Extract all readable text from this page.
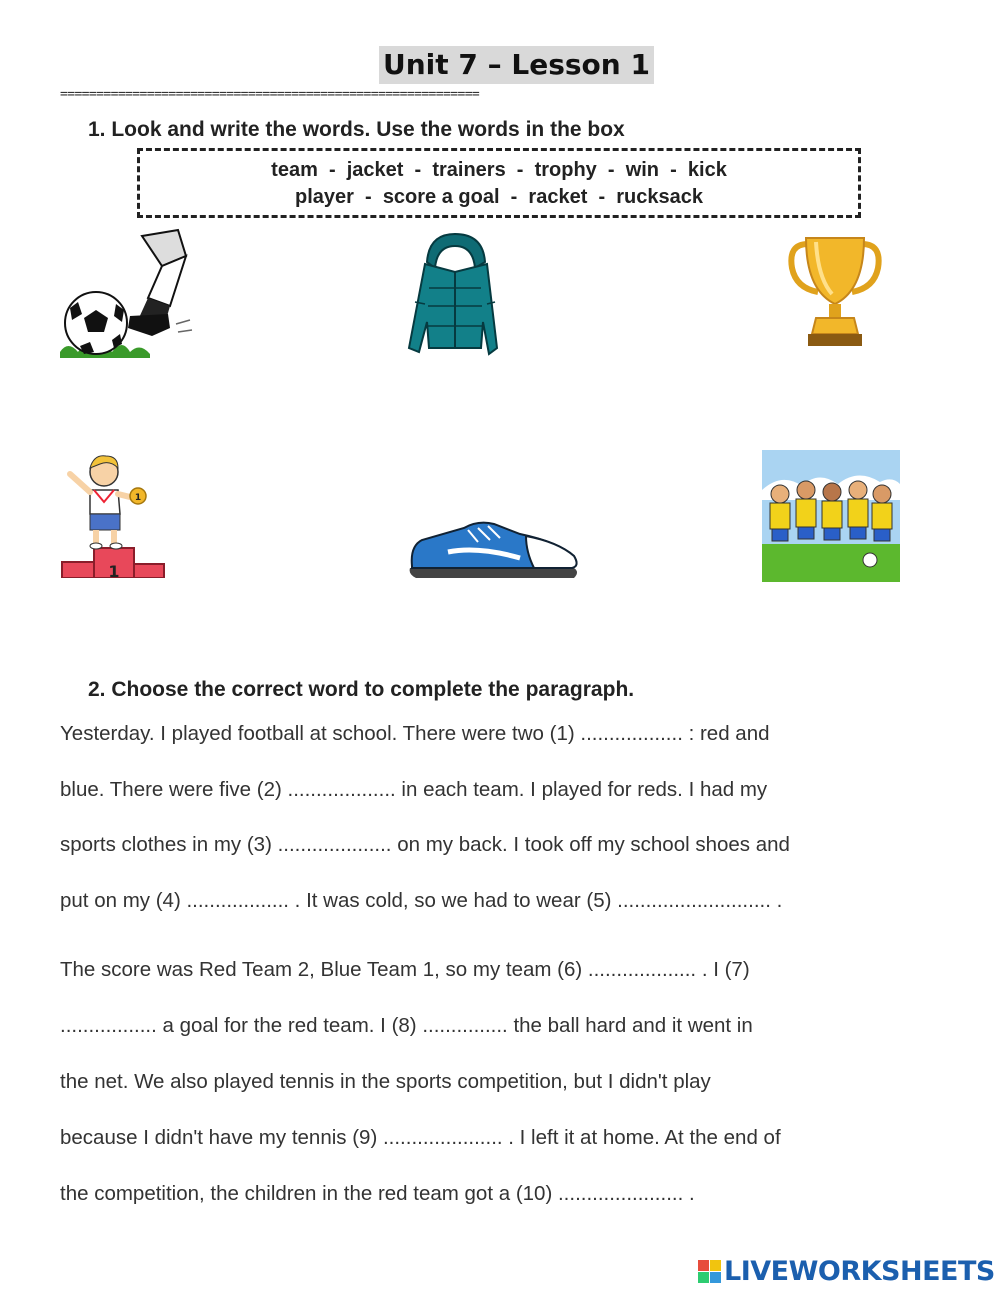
Unit 7 – Lesson 1
==========================================================
1. Look and write the words. Use the words in the box
team  -  jacket  -  trainers  -  trophy  -  win  -  kick
player  -  score a goal  -  racket  -  rucksack
1
1
2. Choose the correct word to complete the paragraph.
Yesterday. I played football at school. There were two (1) .................. : red and
blue. There were five (2) ................... in each team. I played for reds. I had my
sports clothes in my (3) .................... on my back. I took off my school shoes and
put on my (4) .................. . It was cold, so we had to wear (5) ........................... .
The score was Red Team 2, Blue Team 1, so my team (6) ................... . I (7)
................. a goal for the red team. I (8) ............... the ball hard and it went in
the net. We also played tennis in the sports competition, but I didn't play
because I didn't have my tennis (9) ..................... . I left it at home. At the end of
the competition, the children in the red team got a (10) ...................... .
LIVEWORKSHEETS
